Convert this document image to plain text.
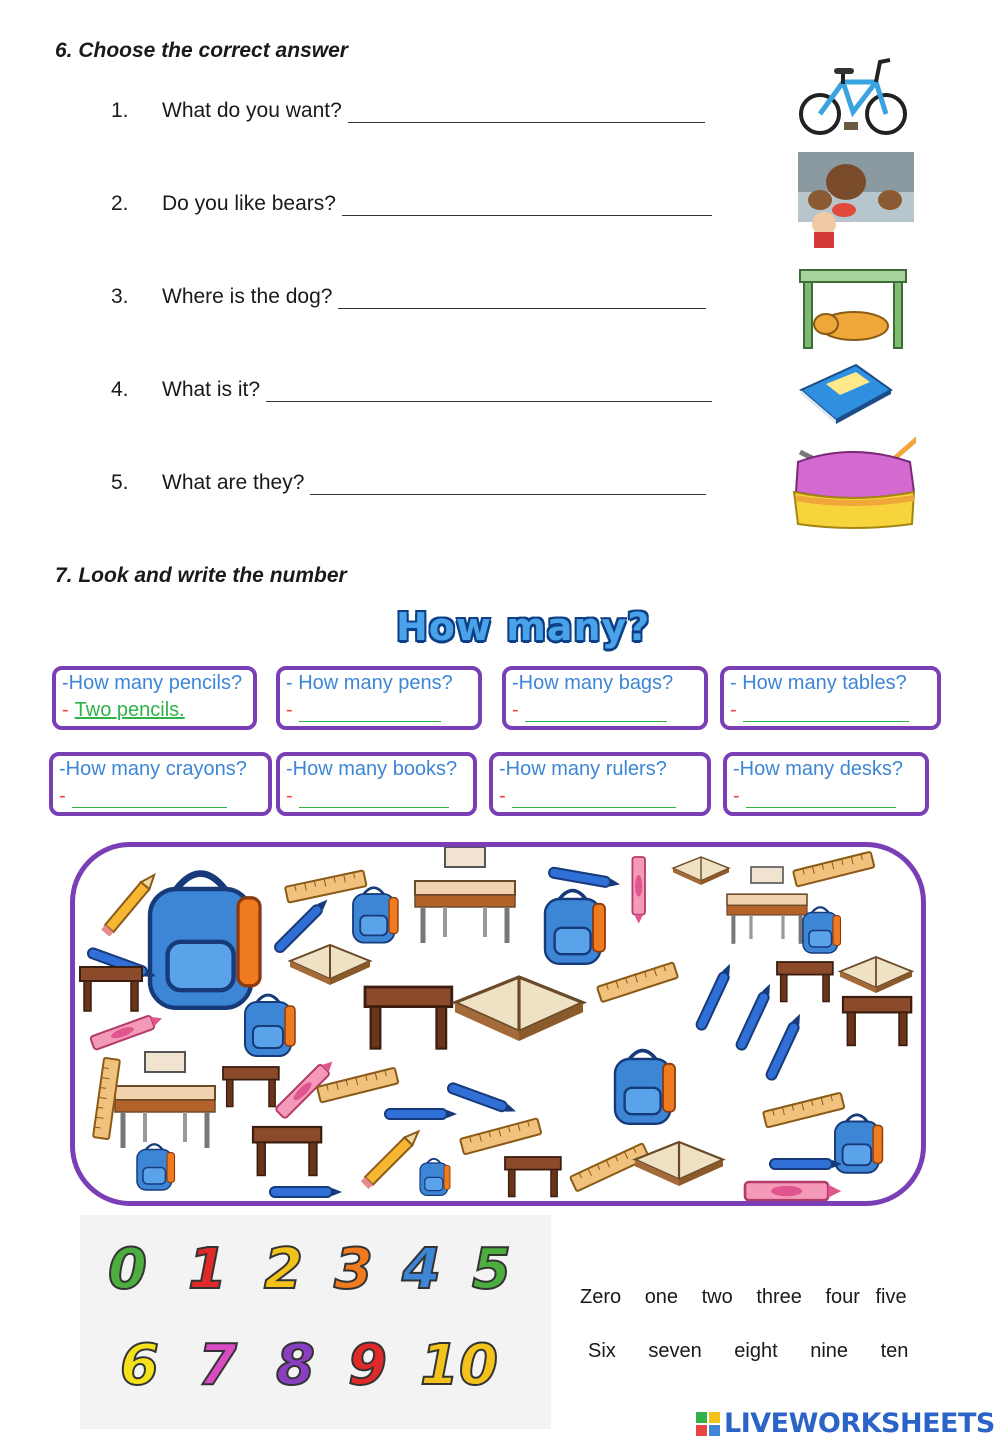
6. Choose the correct answer
1. What do you want?
2. Do you like bears?
3. Where is the dog?
4. What is it?
5. What are they?
7. Look and write the number
How many?
-How many pencils?
- Two pencils.
- How many pens?
-
-How many bags?
-
- How many tables?
-
-How many crayons?
-
-How many books?
-
-How many rulers?
-
-How many desks?
-
0 1 2 3 4 5
6 7 8 9 10
Zero one two three four five
Six seven eight nine ten
LIVEWORKSHEETS
